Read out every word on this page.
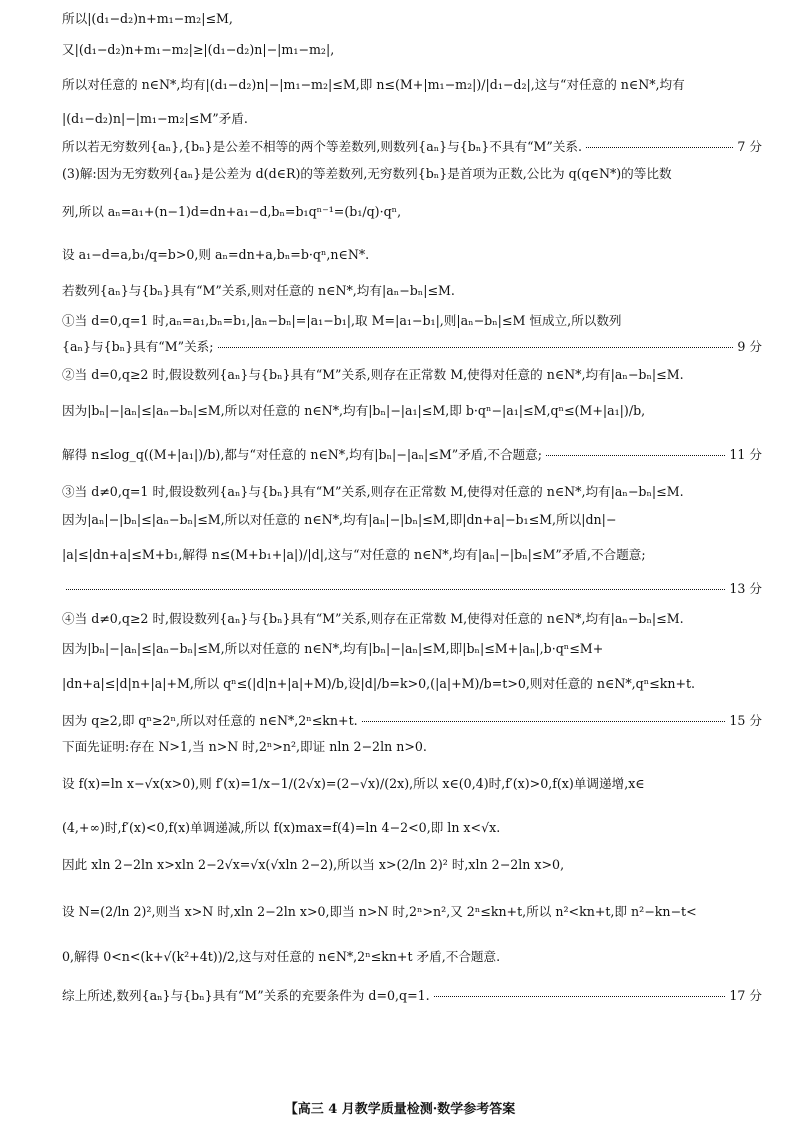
所以|(d₁−d₂)n+m₁−m₂|≤M,
又|(d₁−d₂)n+m₁−m₂|≥|(d₁−d₂)n|−|m₁−m₂|,
所以对任意的 n∈N*,均有|(d₁−d₂)n|−|m₁−m₂|≤M,即 n≤(M+|m₁−m₂|)/|d₁−d₂|,这与“对任意的 n∈N*,均有
|(d₁−d₂)n|−|m₁−m₂|≤M”矛盾.
所以若无穷数列{aₙ},{bₙ}是公差不相等的两个等差数列,则数列{aₙ}与{bₙ}不具有“M”关系.	7 分
(3)解:因为无穷数列{aₙ}是公差为 d(d∈R)的等差数列,无穷数列{bₙ}是首项为正数,公比为 q(q∈N*)的等比数
列,所以 aₙ=a₁+(n−1)d=dn+a₁−d,bₙ=b₁qⁿ⁻¹=(b₁/q)·qⁿ,
设 a₁−d=a,b₁/q=b>0,则 aₙ=dn+a,bₙ=b·qⁿ,n∈N*.
若数列{aₙ}与{bₙ}具有“M”关系,则对任意的 n∈N*,均有|aₙ−bₙ|≤M.
①当 d=0,q=1 时,aₙ=a₁,bₙ=b₁,|aₙ−bₙ|=|a₁−b₁|,取 M=|a₁−b₁|,则|aₙ−bₙ|≤M 恒成立,所以数列
{aₙ}与{bₙ}具有“M”关系;	9 分
②当 d=0,q≥2 时,假设数列{aₙ}与{bₙ}具有“M”关系,则存在正常数 M,使得对任意的 n∈N*,均有|aₙ−bₙ|≤M.
因为|bₙ|−|aₙ|≤|aₙ−bₙ|≤M,所以对任意的 n∈N*,均有|bₙ|−|a₁|≤M,即 b·qⁿ−|a₁|≤M,qⁿ≤(M+|a₁|)/b,
解得 n≤log_q((M+|a₁|)/b),都与“对任意的 n∈N*,均有|bₙ|−|aₙ|≤M”矛盾,不合题意;	11 分
③当 d≠0,q=1 时,假设数列{aₙ}与{bₙ}具有“M”关系,则存在正常数 M,使得对任意的 n∈N*,均有|aₙ−bₙ|≤M.
因为|aₙ|−|bₙ|≤|aₙ−bₙ|≤M,所以对任意的 n∈N*,均有|aₙ|−|bₙ|≤M,即|dn+a|−b₁≤M,所以|dn|−
|a|≤|dn+a|≤M+b₁,解得 n≤(M+b₁+|a|)/|d|,这与“对任意的 n∈N*,均有|aₙ|−|bₙ|≤M”矛盾,不合题意;
13 分
④当 d≠0,q≥2 时,假设数列{aₙ}与{bₙ}具有“M”关系,则存在正常数 M,使得对任意的 n∈N*,均有|aₙ−bₙ|≤M.
因为|bₙ|−|aₙ|≤|aₙ−bₙ|≤M,所以对任意的 n∈N*,均有|bₙ|−|aₙ|≤M,即|bₙ|≤M+|aₙ|,b·qⁿ≤M+
|dn+a|≤|d|n+|a|+M,所以 qⁿ≤(|d|n+|a|+M)/b,设|d|/b=k>0,(|a|+M)/b=t>0,则对任意的 n∈N*,qⁿ≤kn+t.
因为 q≥2,即 qⁿ≥2ⁿ,所以对任意的 n∈N*,2ⁿ≤kn+t.	15 分
下面先证明:存在 N>1,当 n>N 时,2ⁿ>n²,即证 nln 2−2ln n>0.
设 f(x)=ln x−√x(x>0),则 f′(x)=1/x−1/(2√x)=(2−√x)/(2x),所以 x∈(0,4)时,f′(x)>0,f(x)单调递增,x∈
(4,+∞)时,f′(x)<0,f(x)单调递减,所以 f(x)max=f(4)=ln 4−2<0,即 ln x<√x.
因此 xln 2−2ln x>xln 2−2√x=√x(√xln 2−2),所以当 x>(2/ln 2)² 时,xln 2−2ln x>0,
设 N=(2/ln 2)²,则当 x>N 时,xln 2−2ln x>0,即当 n>N 时,2ⁿ>n²,又 2ⁿ≤kn+t,所以 n²<kn+t,即 n²−kn−t<
0,解得 0<n<(k+√(k²+4t))/2,这与对任意的 n∈N*,2ⁿ≤kn+t 矛盾,不合题意.
综上所述,数列{aₙ}与{bₙ}具有“M”关系的充要条件为 d=0,q=1.	17 分
【高三 4 月教学质量检测·数学参考答案
